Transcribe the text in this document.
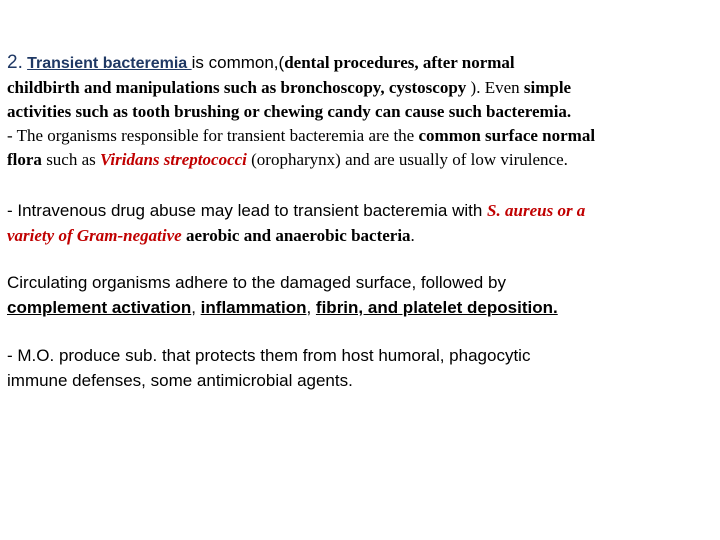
2. Transient bacteremia is common,(dental procedures, after normal
childbirth and manipulations such as bronchoscopy, cystoscopy ). Even simple
activities such as tooth brushing or chewing candy can cause such bacteremia.
- The organisms responsible for transient bacteremia are the common surface normal
flora such as Viridans streptococci (oropharynx) and are usually of low virulence.
- Intravenous drug abuse may lead to transient bacteremia with S. aureus or a
variety of Gram-negative aerobic and anaerobic bacteria.
Circulating organisms adhere to the damaged surface, followed by
complement activation, inflammation, fibrin, and platelet deposition.
- M.O. produce sub. that protects them from host humoral, phagocytic
immune defenses, some antimicrobial agents.
